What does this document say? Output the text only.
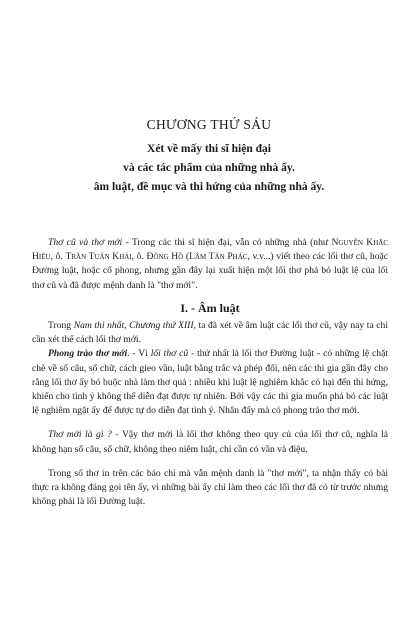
CHƯƠNG THỨ SÁU
Xét về mấy thi sĩ hiện đại
và các tác phẩm của những nhà ấy.
âm luật, đề mục và thi hứng của những nhà ấy.

Thơ cũ và thơ mới - Trong các thi sĩ hiện đại, vẫn có những nhà (như Nguyễn Khắc Hiếu, ô. Trần Tuấn Khải, ô. Đông Hồ (Lâm Tấn Phác, v.v...) viết theo các lối thơ cũ, hoặc Đường luật, hoặc cổ phong, nhưng gần đây lại xuất hiện một lối thơ phá bỏ luật lệ của lối thơ cũ và đã được mệnh danh là "thơ mới".

I. - Âm luật

Trong Nam thi nhất, Chương thứ XIII, ta đã xét về âm luật các lối thơ cũ, vậy nay ta chỉ cần xét thể cách lối thơ mới.

Phong trào thơ mới. - Vì lối thơ cũ - thứ nhất là lối thơ Đường luật - có những lệ chặt chẽ về số câu, số chữ, cách gieo vần, luật bằng trắc và phép đối, nên các thi gia gần đây cho rằng lối thơ ấy bó buộc nhà làm thơ quá : nhiều khi luật lệ nghiêm khắc có hại đến thi hứng, khiến cho tình ý không thể diễn đạt được tự nhiên. Bởi vậy các thi gia muốn phá bỏ các luật lệ nghiêm ngặt ấy để được tự do diễn đạt tình ý. Nhân đấy mà có phong trào thơ mới.

Thơ mới là gì ? - Vậy thơ mới là lối thơ không theo quy củ của lối thơ cũ, nghĩa là không hạn số câu, số chữ, không theo niêm luật, chỉ cần có vần và điệu.

Trong số thơ in trên các báo chí mà vẫn mệnh danh là "thơ mới", ta nhận thấy có bài thực ra không đáng gọi tên ấy, vì những bài ấy chỉ làm theo các lối thơ đã có từ trước nhưng không phải là lối Đường luật.
